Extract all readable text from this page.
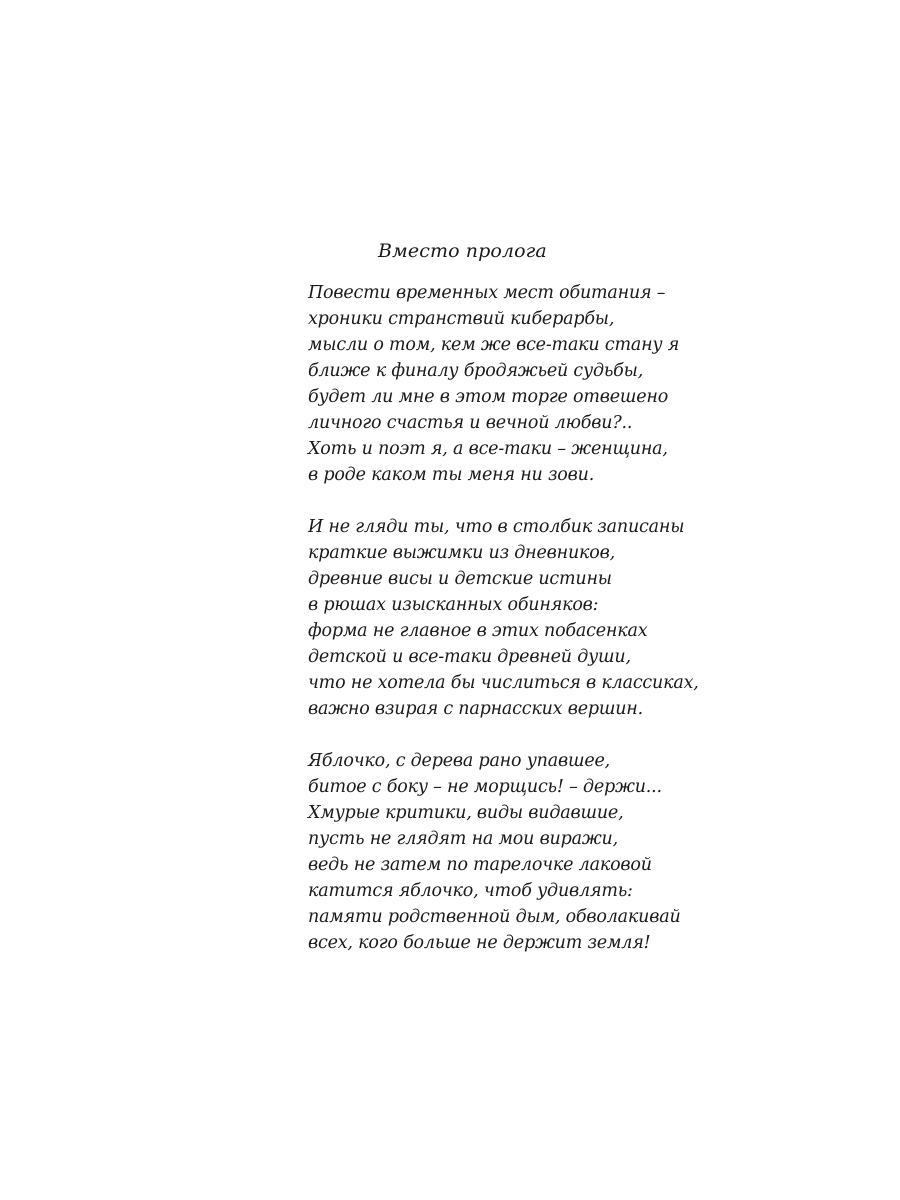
Вместо пролога
Повести временных мест обитания –
хроники странствий киберарбы,
мысли о том, кем же все-таки стану я
ближе к финалу бродяжьей судьбы,
будет ли мне в этом торге отвешено
личного счастья и вечной любви?..
Хоть и поэт я, а все-таки – женщина,
в роде каком ты меня ни зови.
И не гляди ты, что в столбик записаны
краткие выжимки из дневников,
древние висы и детские истины
в рюшах изысканных обиняков:
форма не главное в этих побасенках
детской и все-таки древней души,
что не хотела бы числиться в классиках,
важно взирая с парнасских вершин.
Яблочко, с дерева рано упавшее,
битое с боку – не морщись! – держи...
Хмурые критики, виды видавшие,
пусть не глядят на мои виражи,
ведь не затем по тарелочке лаковой
катится яблочко, чтоб удивлять:
памяти родственной дым, обволакивай
всех, кого больше не держит земля!
